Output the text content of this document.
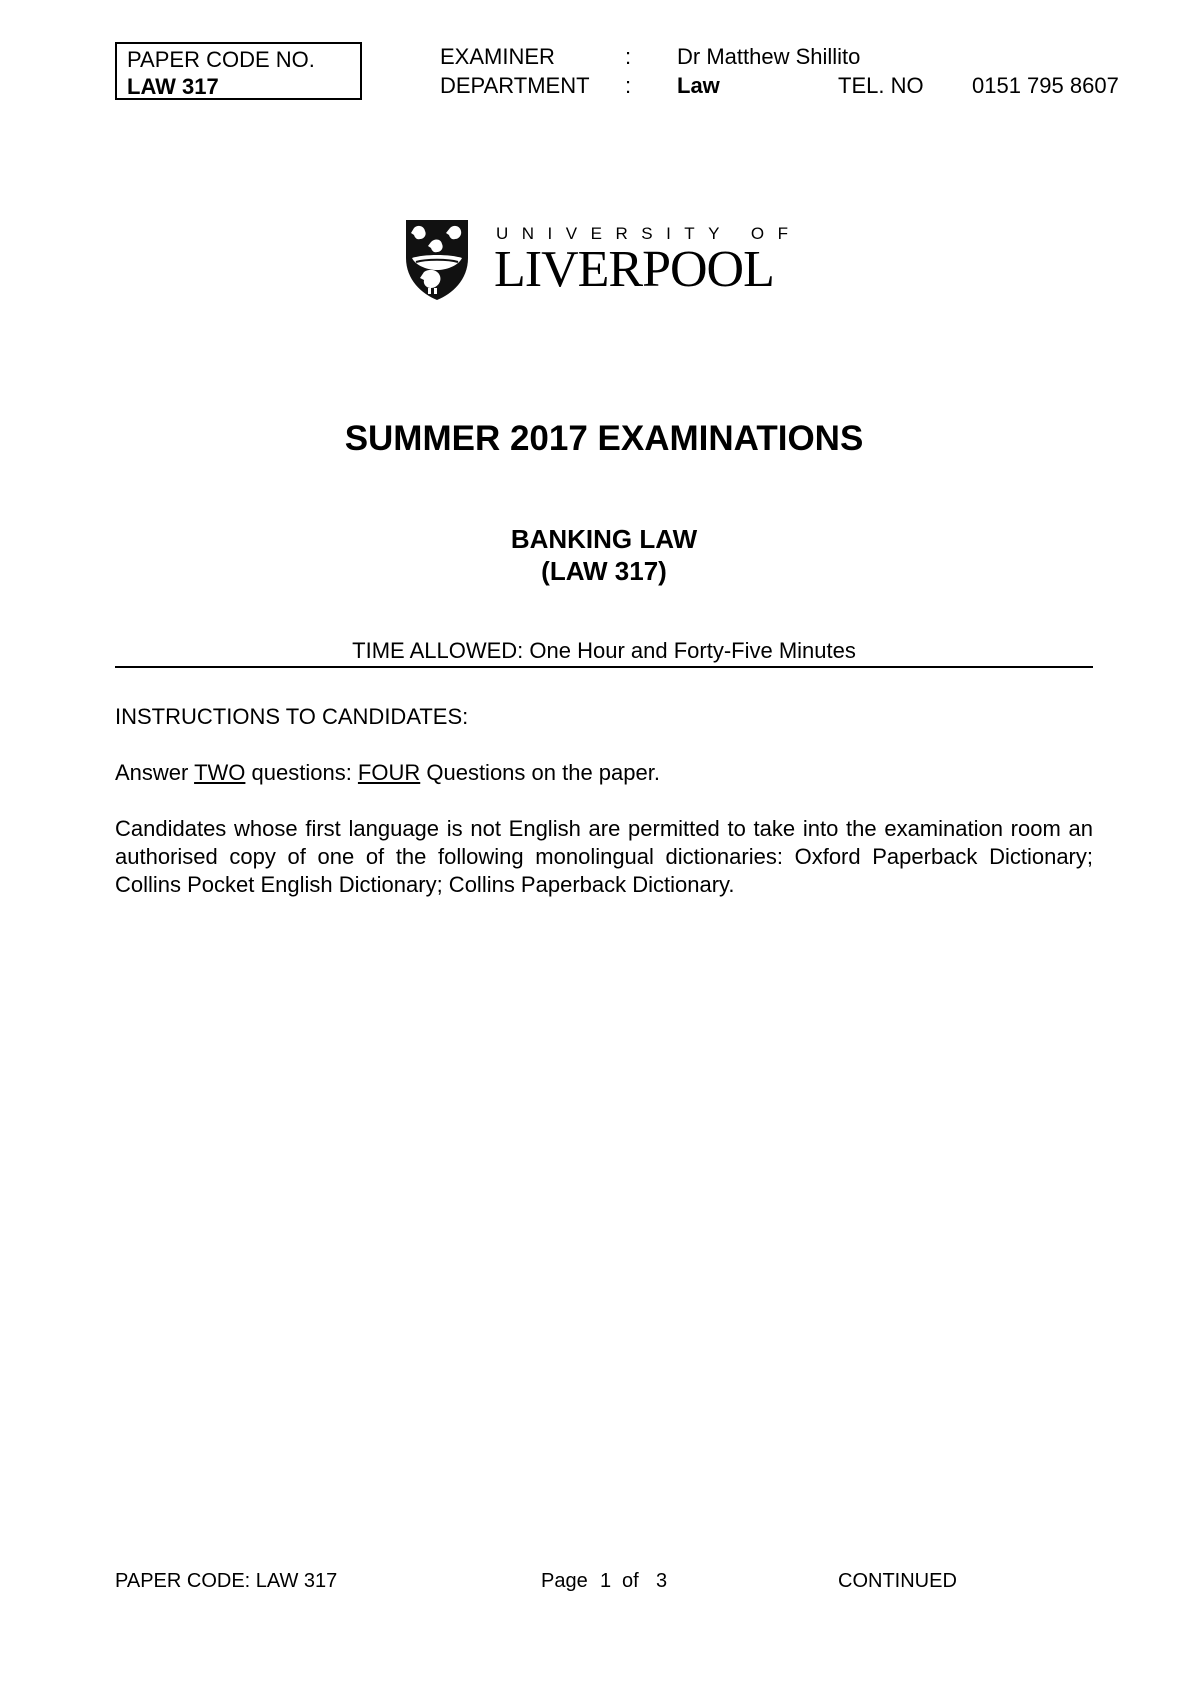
PAPER CODE NO.
LAW 317
EXAMINER	: Dr Matthew Shillito
DEPARTMENT : Law	TEL. NO 0151 795 8607
UNIVERSITY OF
LIVERPOOL
SUMMER 2017 EXAMINATIONS
BANKING LAW
(LAW 317)
TIME ALLOWED: One Hour and Forty-Five Minutes
INSTRUCTIONS TO CANDIDATES:
Answer TWO questions: FOUR Questions on the paper.
Candidates whose first language is not English are permitted to take into the examination room an authorised copy of one of the following monolingual dictionaries: Oxford Paperback Dictionary; Collins Pocket English Dictionary; Collins Paperback Dictionary.
PAPER CODE: LAW 317	Page 1 of 3	CONTINUED
